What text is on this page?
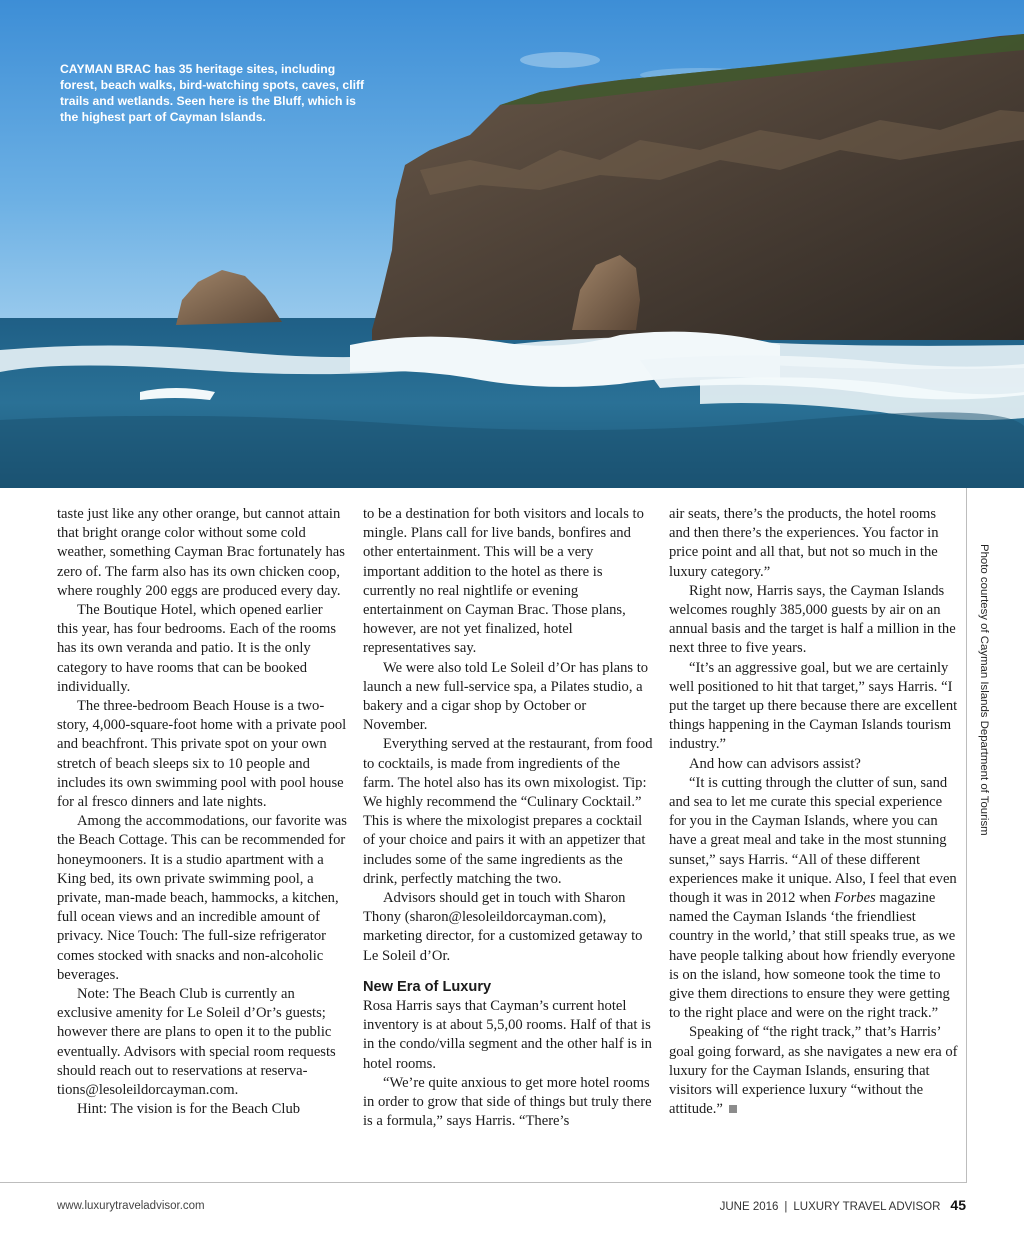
CAYMAN BRAC has 35 heritage sites, including forest, beach walks, bird-watching spots, caves, cliff trails and wetlands. Seen here is the Bluff, which is the highest part of Cayman Islands.
Photo courtesy of Cayman Islands Department of Tourism

taste just like any other orange, but cannot attain that bright orange color without some cold weather, something Cayman Brac fortunately has zero of. The farm also has its own chicken coop, where roughly 200 eggs are produced every day.

The Boutique Hotel, which opened earlier this year, has four bedrooms. Each of the rooms has its own veranda and patio. It is the only category to have rooms that can be booked individually.

The three-bedroom Beach House is a two-story, 4,000-square-foot home with a private pool and beachfront. This private spot on your own stretch of beach sleeps six to 10 people and includes its own swimming pool with pool house for al fresco dinners and late nights.

Among the accommodations, our favorite was the Beach Cottage. This can be recommended for honeymooners. It is a studio apartment with a King bed, its own private swimming pool, a private, man-made beach, hammocks, a kitchen, full ocean views and an incredible amount of privacy. Nice Touch: The full-size refrigerator comes stocked with snacks and non-alcoholic beverages.

Note: The Beach Club is currently an exclusive amenity for Le Soleil d’Or’s guests; however there are plans to open it to the public eventually. Advisors with special room requests should reach out to reservations at reservations@lesoleildorcayman.com.

Hint: The vision is for the Beach Club

to be a destination for both visitors and locals to mingle. Plans call for live bands, bonfires and other entertainment. This will be a very important addition to the hotel as there is currently no real nightlife or evening entertainment on Cayman Brac. Those plans, however, are not yet finalized, hotel representatives say.

We were also told Le Soleil d’Or has plans to launch a new full-service spa, a Pilates studio, a bakery and a cigar shop by October or November.

Everything served at the restaurant, from food to cocktails, is made from ingredients of the farm. The hotel also has its own mixologist. Tip: We highly recommend the “Culinary Cocktail.” This is where the mixologist prepares a cocktail of your choice and pairs it with an appetizer that includes some of the same ingredients as the drink, perfectly matching the two.

Advisors should get in touch with Sharon Thony (sharon@lesoleildorcayman.com), marketing director, for a customized getaway to Le Soleil d’Or.

New Era of Luxury

Rosa Harris says that Cayman’s current hotel inventory is at about 5,5,00 rooms. Half of that is in the condo/villa segment and the other half is in hotel rooms.

“We’re quite anxious to get more hotel rooms in order to grow that side of things but truly there is a formula,” says Harris. “There’s

air seats, there’s the products, the hotel rooms and then there’s the experiences. You factor in price point and all that, but not so much in the luxury category.”

Right now, Harris says, the Cayman Islands welcomes roughly 385,000 guests by air on an annual basis and the target is half a million in the next three to five years.

“It’s an aggressive goal, but we are certainly well positioned to hit that target,” says Harris. “I put the target up there because there are excellent things happening in the Cayman Islands tourism industry.”

And how can advisors assist?

“It is cutting through the clutter of sun, sand and sea to let me curate this special experience for you in the Cayman Islands, where you can have a great meal and take in the most stunning sunset,” says Harris. “All of these different experiences make it unique. Also, I feel that even though it was in 2012 when Forbes magazine named the Cayman Islands ‘the friendliest country in the world,’ that still speaks true, as we have people talking about how friendly everyone is on the island, how someone took the time to give them directions to ensure they were getting to the right place and were on the right track.”

Speaking of “the right track,” that’s Harris’ goal going forward, as she navigates a new era of luxury for the Cayman Islands, ensuring that visitors will experience luxury “without the attitude.”

www.luxurytraveladvisor.com	JUNE 2016 | LUXURY TRAVEL ADVISOR 45
